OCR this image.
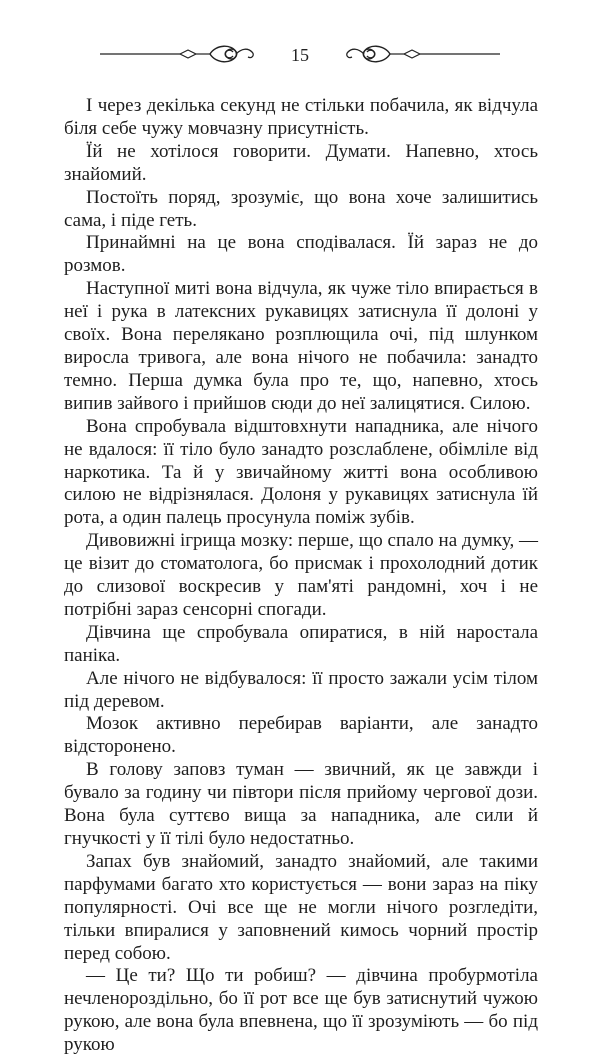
15

І через декілька секунд не стільки побачила, як відчула біля себе чужу мовчазну присутність.

Їй не хотілося говорити. Думати. Напевно, хтось знайомий.

Постоїть поряд, зрозуміє, що вона хоче залишитись сама, і піде геть.

Принаймні на це вона сподівалася. Їй зараз не до розмов.

Наступної миті вона відчула, як чуже тіло впирається в неї і рука в латексних рукавицях затиснула її долоні у своїх. Вона перелякано розплющила очі, під шлунком виросла тривога, але вона нічого не побачила: занадто темно. Перша думка була про те, що, напевно, хтось випив зайвого і прийшов сюди до неї залицятися. Силою.

Вона спробувала відштовхнути нападника, але нічого не вдалося: її тіло було занадто розслаблене, обімліле від наркотика. Та й у звичайному житті вона особливою силою не відрізнялася. Долоня у рукавицях затиснула їй рота, а один палець просунула поміж зубів.

Дивовижні ігрища мозку: перше, що спало на думку, — це візит до стоматолога, бо присмак і прохолодний дотик до слизової воскресив у пам'яті рандомні, хоч і не потрібні зараз сенсорні спогади.

Дівчина ще спробувала опиратися, в ній наростала паніка.

Але нічого не відбувалося: її просто зажали усім тілом під деревом.

Мозок активно перебирав варіанти, але занадто відсторонено.

В голову заповз туман — звичний, як це завжди і бувало за годину чи півтори після прийому чергової дози. Вона була суттєво вища за нападника, але сили й гнучкості у її тілі було недостатньо.

Запах був знайомий, занадто знайомий, але такими парфумами багато хто користується — вони зараз на піку популярності. Очі все ще не могли нічого розгледіти, тільки впиралися у заповнений кимось чорний простір перед собою.

— Це ти? Що ти робиш? — дівчина пробурмотіла нечленороздільно, бо її рот все ще був затиснутий чужою рукою, але вона була впевнена, що її зрозуміють — бо під рукою
